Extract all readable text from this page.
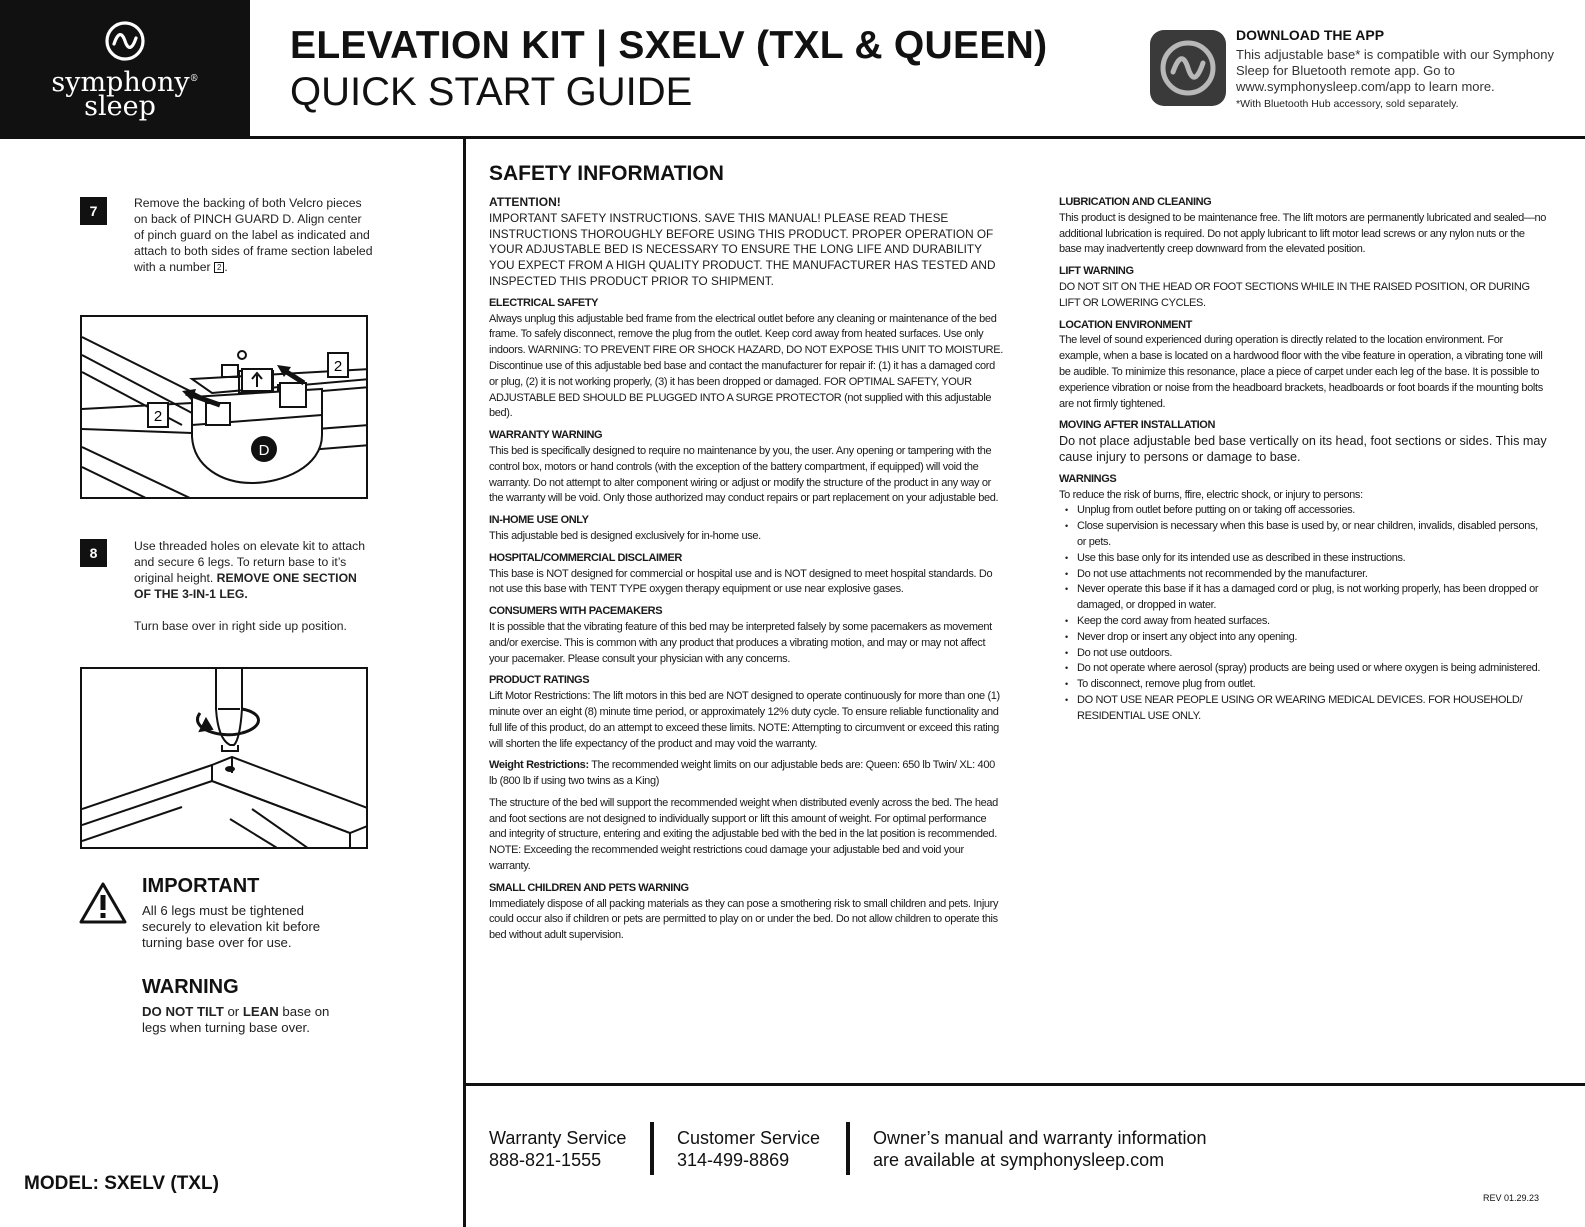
symphony®
sleep
ELEVATION KIT | SXELV (TXL & QUEEN)
QUICK START GUIDE
DOWNLOAD THE APP
This adjustable base* is compatible with our Symphony Sleep for Bluetooth remote app. Go to www.symphonysleep.com/app to learn more.
*With Bluetooth Hub accessory, sold separately.
7	Remove the backing of both Velcro pieces on back of PINCH GUARD D. Align center of pinch guard on the label as indicated and attach to both sides of frame section labeled with a number 2 .
2
2
D
8	Use threaded holes on elevate kit to attach and secure 6 legs. To return base to it’s original height. REMOVE ONE SECTION OF THE 3-IN-1 LEG.
Turn base over in right side up position.
IMPORTANT
All 6 legs must be tightened securely to elevation kit before turning base over for use.
WARNING
DO NOT TILT or LEAN base on legs when turning base over.
MODEL: SXELV (TXL)
SAFETY INFORMATION
ATTENTION!

IMPORTANT SAFETY INSTRUCTIONS. SAVE THIS MANUAL! PLEASE READ THESE INSTRUCTIONS THOROUGHLY BEFORE USING THIS PRODUCT. PROPER OPERATION OF YOUR ADJUSTABLE BED IS NECESSARY TO ENSURE THE LONG LIFE AND DURABILITY YOU EXPECT FROM A HIGH QUALITY PRODUCT. THE MANUFACTURER HAS TESTED AND INSPECTED THIS PRODUCT PRIOR TO SHIPMENT.

ELECTRICAL SAFETY

Always unplug this adjustable bed frame from the electrical outlet before any cleaning or maintenance of the bed frame. To safely disconnect, remove the plug from the outlet. Keep cord away from heated surfaces. Use only indoors. WARNING: TO PREVENT FIRE OR SHOCK HAZARD, DO NOT EXPOSE THIS UNIT TO MOISTURE. Discontinue use of this adjustable bed base and contact the manufacturer for repair if: (1) it has a damaged cord or plug, (2) it is not working properly, (3) it has been dropped or damaged. FOR OPTIMAL SAFETY, YOUR ADJUSTABLE BED SHOULD BE PLUGGED INTO A SURGE PROTECTOR (not supplied with this adjustable bed).

WARRANTY WARNING

This bed is specifically designed to require no maintenance by you, the user. Any opening or tampering with the control box, motors or hand controls (with the exception of the battery compartment, if equipped) will void the warranty. Do not attempt to alter component wiring or adjust or modify the structure of the product in any way or the warranty will be void. Only those authorized may conduct repairs or part replacement on your adjustable bed.

IN-HOME USE ONLY

This adjustable bed is designed exclusively for in-home use.

HOSPITAL/COMMERCIAL DISCLAIMER

This base is NOT designed for commercial or hospital use and is NOT designed to meet hospital standards. Do not use this base with TENT TYPE oxygen therapy equipment or use near explosive gases.

CONSUMERS WITH PACEMAKERS

It is possible that the vibrating feature of this bed may be interpreted falsely by some pacemakers as movement and/or exercise. This is common with any product that produces a vibrating motion, and may or may not affect your pacemaker. Please consult your physician with any concerns.

PRODUCT RATINGS

Lift Motor Restrictions: The lift motors in this bed are NOT designed to operate continuously for more than one (1) minute over an eight (8) minute time period, or approximately 12% duty cycle. To ensure reliable functionality and full life of this product, do an attempt to exceed these limits. NOTE: Attempting to circumvent or exceed this rating will shorten the life expectancy of the product and may void the warranty.

Weight Restrictions: The recommended weight limits on our adjustable beds are: Queen: 650 lb Twin/ XL: 400 lb (800 lb if using two twins as a King)

The structure of the bed will support the recommended weight when distributed evenly across the bed. The head and foot sections are not designed to individually support or lift this amount of weight. For optimal performance and integrity of structure, entering and exiting the adjustable bed with the bed in the lat position is recommended. NOTE: Exceeding the recommended weight restrictions coud damage your adjustable bed and void your warranty.

SMALL CHILDREN AND PETS WARNING

Immediately dispose of all packing materials as they can pose a smothering risk to small children and pets. Injury could occur also if children or pets are permitted to play on or under the bed. Do not allow children to operate this bed without adult supervision.

LUBRICATION AND CLEANING

This product is designed to be maintenance free. The lift motors are permanently lubricated and sealed—no additional lubrication is required. Do not apply lubricant to lift motor lead screws or any nylon nuts or the base may inadvertently creep downward from the elevated position.

LIFT WARNING

DO NOT SIT ON THE HEAD OR FOOT SECTIONS WHILE IN THE RAISED POSITION, OR DURING LIFT OR LOWERING CYCLES.

LOCATION ENVIRONMENT

The level of sound experienced during operation is directly related to the location environment. For example, when a base is located on a hardwood floor with the vibe feature in operation, a vibrating tone will be audible. To minimize this resonance, place a piece of carpet under each leg of the base. It is possible to experience vibration or noise from the headboard brackets, headboards or foot boards if the mounting bolts are not firmly tightened.

MOVING AFTER INSTALLATION

Do not place adjustable bed base vertically on its head, foot sections or sides. This may cause injury to persons or damage to base.

WARNINGS

To reduce the risk of burns, ffire, electric shock, or injury to persons:

• Unplug from outlet before putting on or taking off accessories.
• Close supervision is necessary when this base is used by, or near children, invalids, disabled persons, or pets.
• Use this base only for its intended use as described in these instructions.
• Do not use attachments not recommended by the manufacturer.
• Never operate this base if it has a damaged cord or plug, is not working properly, has been dropped or damaged, or dropped in water.
• Keep the cord away from heated surfaces.
• Never drop or insert any object into any opening.
• Do not use outdoors.
• Do not operate where aerosol (spray) products are being used or where oxygen is being administered.
• To disconnect, remove plug from outlet.
• DO NOT USE NEAR PEOPLE USING OR WEARING MEDICAL DEVICES. FOR HOUSEHOLD/ RESIDENTIAL USE ONLY.
Warranty Service
888-821-1555
Customer Service
314-499-8869
Owner’s manual and warranty information
are available at symphonysleep.com
REV 01.29.23
